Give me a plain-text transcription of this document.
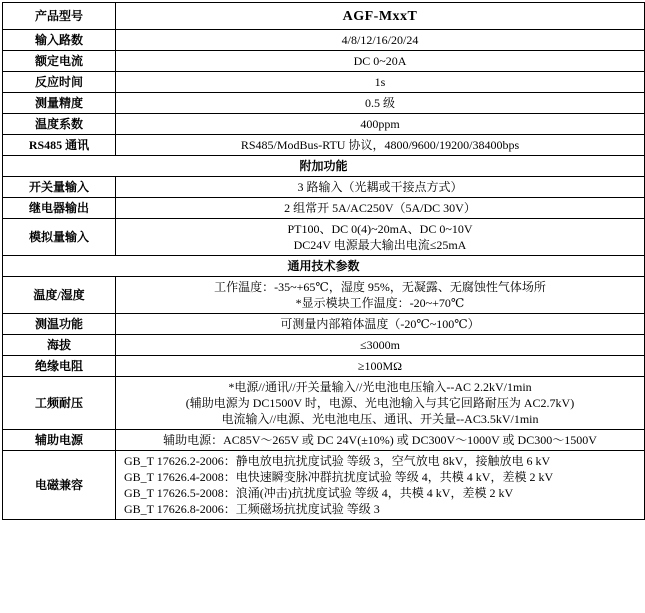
产品型号	AGF-MxxT
输入路数	4/8/12/16/20/24
额定电流	DC 0~20A
反应时间	1s
测量精度	0.5 级
温度系数	400ppm
RS485 通讯	RS485/ModBus-RTU 协议，4800/9600/19200/38400bps
附加功能	
开关量输入	3 路输入（光耦或干接点方式）
继电器输出	2 组常开 5A/AC250V（5A/DC 30V）
模拟量输入	PT100、DC 0(4)~20mA、DC 0~10V
DC24V 电源最大输出电流≤25mA

通用技术参数	
温度/湿度	工作温度：-35~+65℃，湿度 95%，无凝露、无腐蚀性气体场所
*显示模块工作温度：-20~+70℃

测温功能	可测量内部箱体温度（-20℃~100℃）
海拔	≤3000m
绝缘电阻	≥100MΩ
工频耐压	*电源//通讯//开关量输入//光电池电压输入--AC 2.2kV/1min
(辅助电源为 DC1500V 时，电源、光电池输入与其它回路耐压为 AC2.7kV)
电流输入//电源、光电池电压、通讯、开关量--AC3.5kV/1min

辅助电源	辅助电源：AC85V～265V 或 DC 24V(±10%) 或 DC300V～1000V 或 DC300～1500V
电磁兼容	GB_T 17626.2-2006：静电放电抗扰度试验 等级 3，空气放电 8kV，接触放电 6 kV
GB_T 17626.4-2008：电快速瞬变脉冲群抗扰度试验 等级 4，共模 4 kV，差模 2 kV
GB_T 17626.5-2008：浪涌(冲击)抗扰度试验 等级 4，共模 4 kV，差模 2 kV
GB_T 17626.8-2006：工频磁场抗扰度试验 等级 3
